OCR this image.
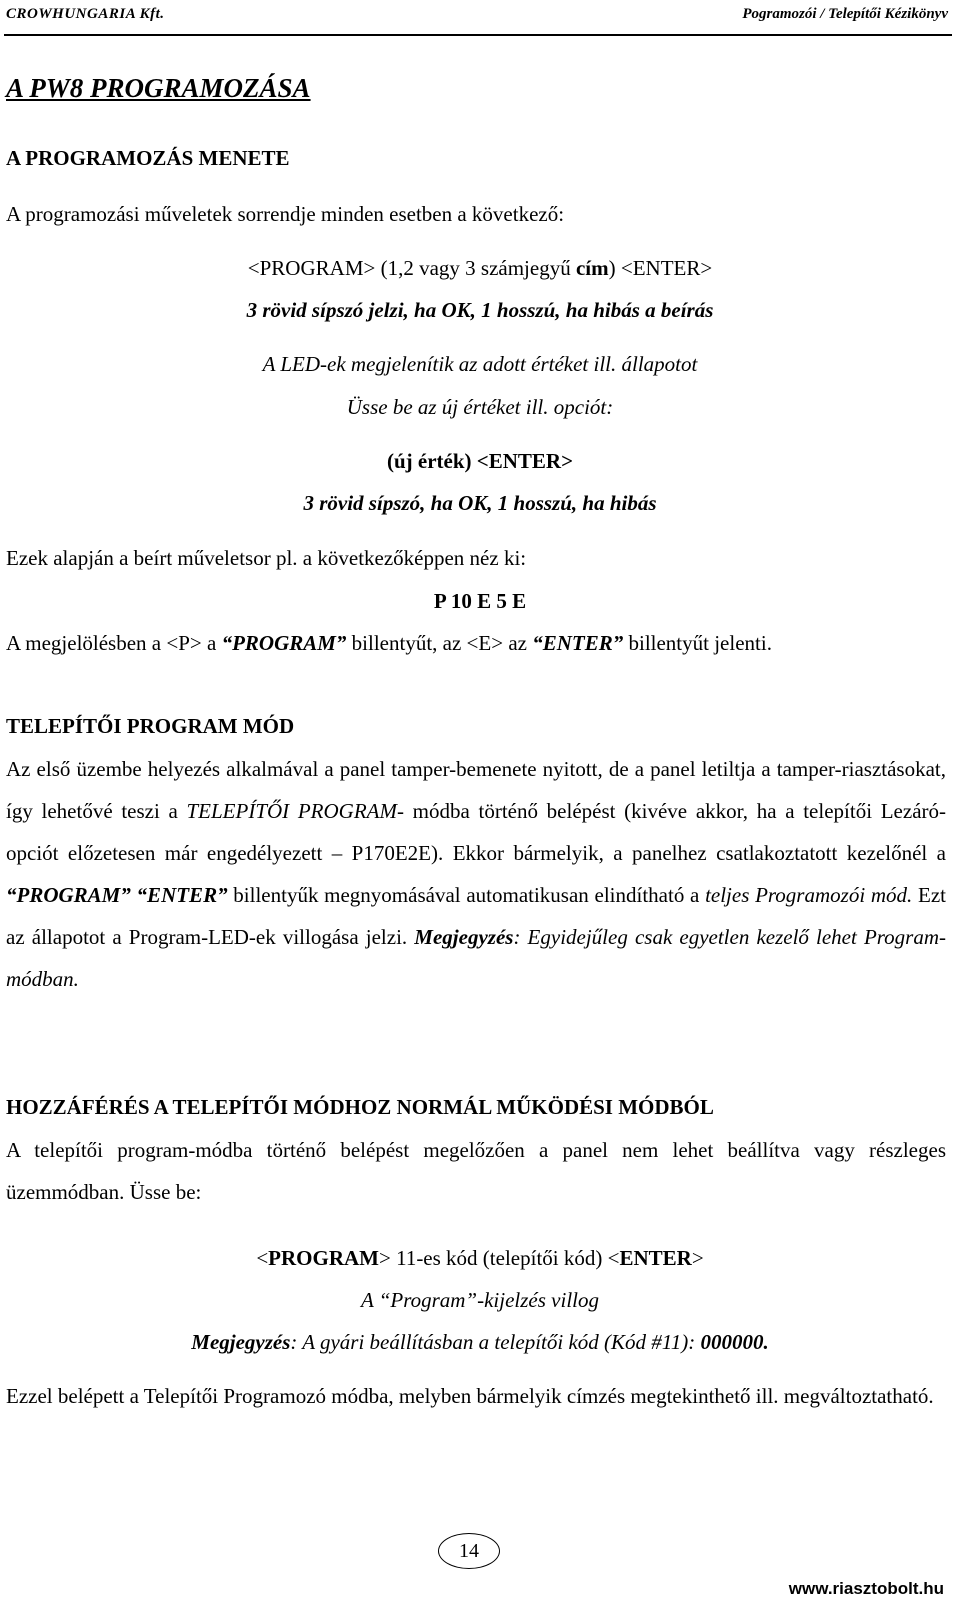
CROWHUNGARIA Kft.	Pogramozói / Telepítői Kézikönyv
A PW8 PROGRAMOZÁSA
A PROGRAMOZÁS MENETE
A programozási műveletek sorrendje minden esetben a következő:
<PROGRAM> (1,2 vagy 3 számjegyű cím) <ENTER>
3 rövid sípszó jelzi, ha OK, 1 hosszú, ha hibás a beírás
A LED-ek megjelenítik az adott értéket ill. állapotot
Üsse be az új értéket ill. opciót:
(új érték) <ENTER>
3 rövid sípszó, ha OK, 1 hosszú, ha hibás
Ezek alapján a beírt műveletsor pl. a következőképpen néz ki:
P 10 E 5 E
A megjelölésben a <P> a “PROGRAM” billentyűt, az <E> az “ENTER” billentyűt jelenti.
TELEPÍTŐI PROGRAM MÓD
Az első üzembe helyezés alkalmával a panel tamper-bemenete nyitott, de a panel letiltja a tamper-riasztásokat, így lehetővé teszi a TELEPÍTŐI PROGRAM- módba történő belépést (kivéve akkor, ha a telepítői Lezáró-opciót előzetesen már engedélyezett – P170E2E). Ekkor bármelyik, a panelhez csatlakoztatott kezelőnél a “PROGRAM” “ENTER” billentyűk megnyomásával automatikusan elindítható a teljes Programozói mód. Ezt az állapotot a Program-LED-ek villogása jelzi. Megjegyzés: Egyidejűleg csak egyetlen kezelő lehet Program-módban.
HOZZÁFÉRÉS A TELEPÍTŐI MÓDHOZ NORMÁL MŰKÖDÉSI MÓDBÓL
A telepítői program-módba történő belépést megelőzően a panel nem lehet beállítva vagy részleges üzemmódban. Üsse be:
<PROGRAM> 11-es kód (telepítői kód) <ENTER>
A “Program”-kijelzés villog
Megjegyzés: A gyári beállításban a telepítői kód (Kód #11): 000000.
Ezzel belépett a Telepítői Programozó módba, melyben bármelyik címzés megtekinthető ill. megváltoztatható.
14
www.riasztobolt.hu
